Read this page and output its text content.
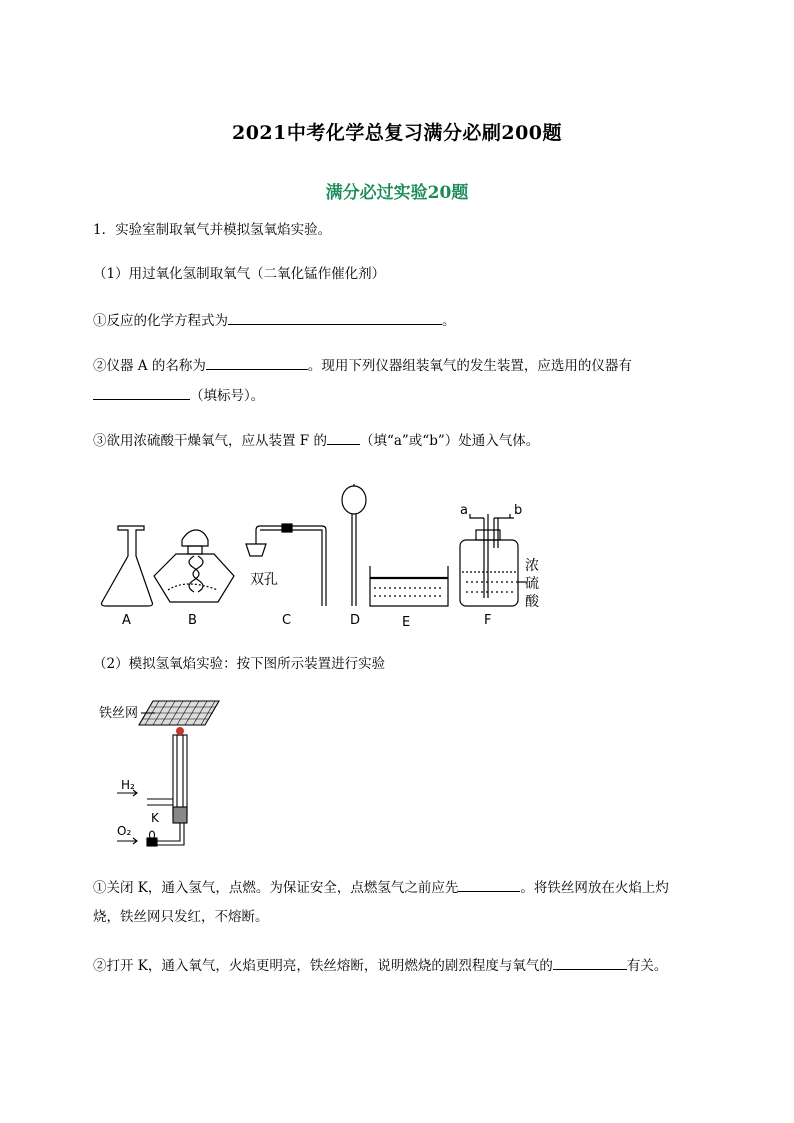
2021中考化学总复习满分必刷200题
满分必过实验20题
1．实验室制取氧气并模拟氢氧焰实验。
（1）用过氧化氢制取氧气（二氧化锰作催化剂）
①反应的化学方程式为	。
②仪器 A 的名称为	。现用下列仪器组装氧气的发生装置，应选用的仪器有
（填标号）。
③欲用浓硫酸干燥氧气，应从装置 F 的 （填“a”或“b”）处通入气体。
双孔
a	b
浓
硫
酸
A	B	C	D	E	F
（2）模拟氢氧焰实验：按下图所示装置进行实验
铁丝网
H₂
O₂
K
①关闭 K，通入氢气，点燃。为保证安全，点燃氢气之前应先	。将铁丝网放在火焰上灼
烧，铁丝网只发红，不熔断。
②打开 K，通入氧气，火焰更明亮，铁丝熔断，说明燃烧的剧烈程度与氧气的	有关。
